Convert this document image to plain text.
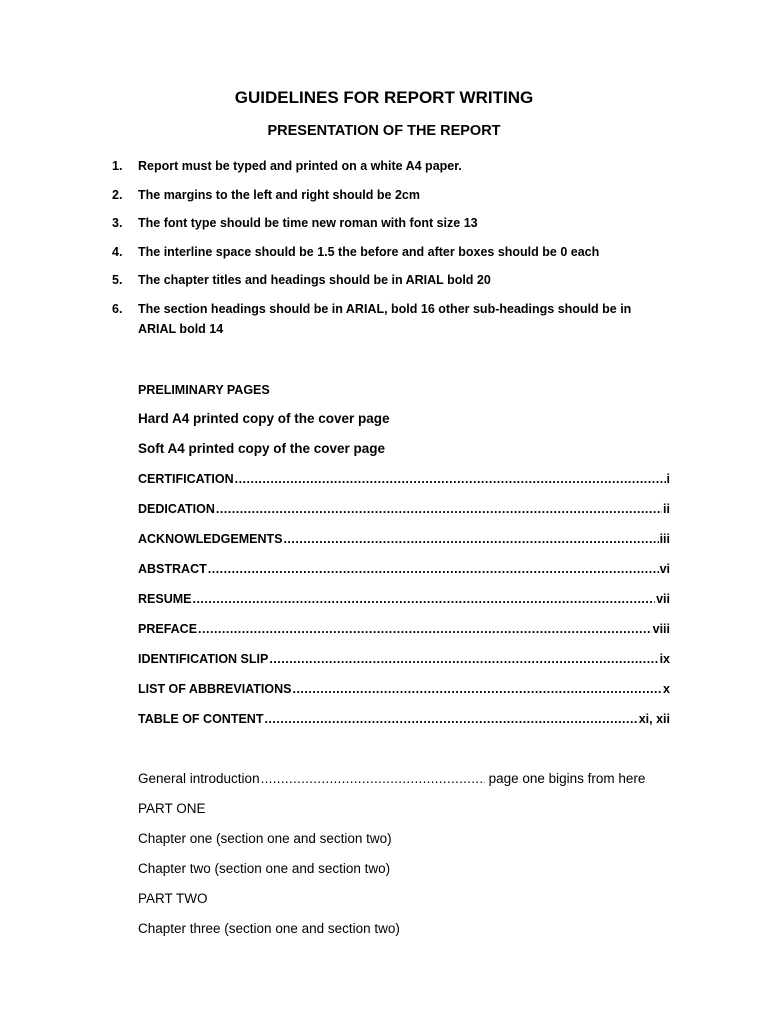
GUIDELINES FOR REPORT WRITING
PRESENTATION OF THE REPORT
1. Report must be typed and printed on a white A4 paper.
2. The margins to the left and right should be 2cm
3. The font type should be time new roman with font size 13
4. The interline space should be 1.5 the before and after boxes should be 0 each
5. The chapter titles and headings should be in ARIAL bold 20
6. The section headings should be in ARIAL, bold 16 other sub-headings should be in ARIAL bold 14
PRELIMINARY PAGES
Hard A4 printed copy of the cover page
Soft A4 printed copy of the cover page
CERTIFICATION .....	i
DEDICATION .....	ii
ACKNOWLEDGEMENTS .....	iii
ABSTRACT .....	vi
RESUME .....	vii
PREFACE .....	viii
IDENTIFICATION SLIP .....	ix
LIST OF ABBREVIATIONS .....	x
TABLE OF CONTENT .....	xi, xii
General introduction .....	page one bigins from here
PART ONE
Chapter one (section one and section two)
Chapter two (section one and section two)
PART TWO
Chapter three (section one and section two)
